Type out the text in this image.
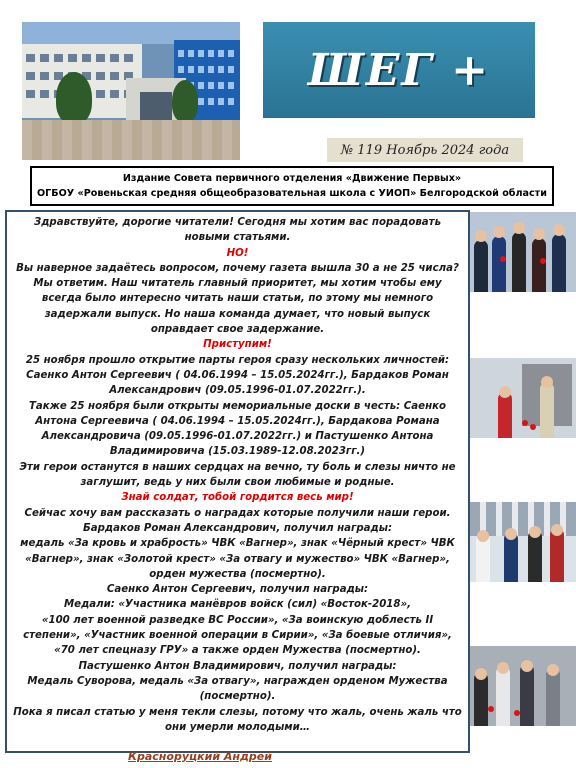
ШЕГ +
№ 119 Ноябрь 2024 года
Издание Совета первичного отделения «Движение Первых»
ОГБОУ «Ровеньская средняя общеобразовательная школа с УИОП» Белгородской области

Здравствуйте, дорогие читатели! Сегодня мы хотим вас порадовать новыми статьями.

НО!

Вы наверное задаётесь вопросом, почему газета вышла 30 а не 25 числа? Мы ответим. Наш читатель главный приоритет, мы хотим чтобы ему всегда было интересно читать наши статьи, по этому мы немного задержали выпуск. Но наша команда думает, что новый выпуск оправдает свое задержание.

Приступим!

25 ноября прошло открытие парты героя сразу нескольких личностей: Саенко Антон Сергеевич ( 04.06.1994 – 15.05.2024гг.), Бардаков Роман Александрович (09.05.1996-01.07.2022гг.).

Также 25 ноября были открыты мемориальные доски в честь: Саенко Антона Сергеевича ( 04.06.1994 – 15.05.2024гг.), Бардакова Романа Александровича (09.05.1996-01.07.2022гг.) и Пастушенко Антона Владимировича (15.03.1989-12.08.2023гг.)

Эти герои останутся в наших сердцах на вечно, ту боль и слезы ничто не заглушит, ведь у них были свои любимые и родные.

Знай солдат, тобой гордится весь мир!

Сейчас хочу вам рассказать о наградах которые получили наши герои.

Бардаков Роман Александрович, получил награды:

медаль «За кровь и храбрость» ЧВК «Вагнер», знак «Чёрный крест» ЧВК «Вагнер», знак «Золотой крест» «За отвагу и мужество» ЧВК «Вагнер», орден мужества (посмертно).

Саенко Антон Сергеевич, получил награды:

Медали: «Участника манёвров войск (сил) «Восток-2018»,

«100 лет военной разведке ВС России», «За воинскую доблесть II степени», «Участник военной операции в Сирии», «За боевые отличия», «70 лет спецназу ГРУ» а также орден Мужества (посмертно).

Пастушенко Антон Владимирович, получил награды:

Медаль Суворова, медаль «За отвагу», награжден орденом Мужества (посмертно).

Пока я писал статью у меня текли слезы, потому что жаль, очень жаль что они умерли молодыми…

Красноруцкий Андрей
